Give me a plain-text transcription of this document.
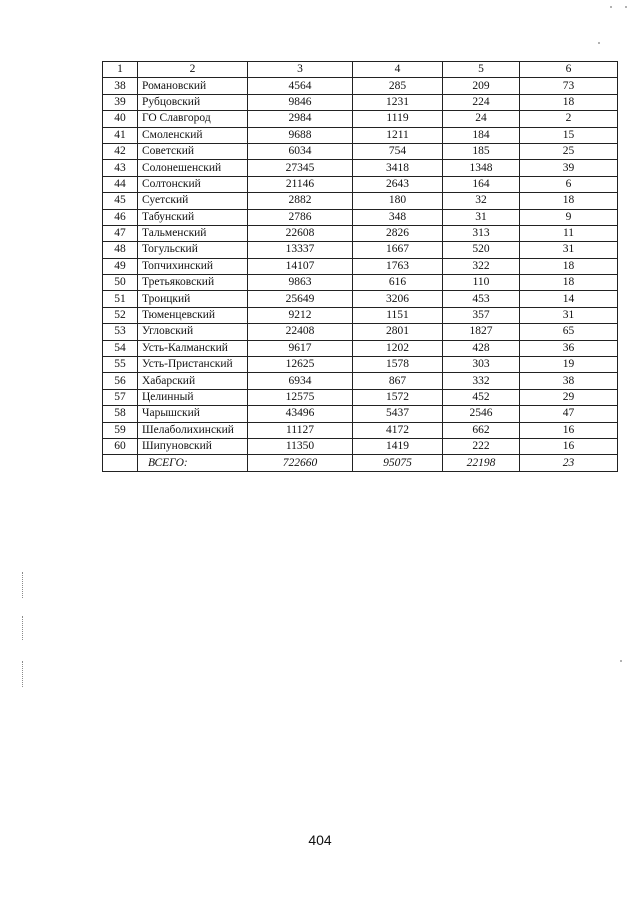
1	2	3	4	5	6
38	Романовский	4564	285	209	73
39	Рубцовский	9846	1231	224	18
40	ГО Славгород	2984	1119	24	2
41	Смоленский	9688	1211	184	15
42	Советский	6034	754	185	25
43	Солонешенский	27345	3418	1348	39
44	Солтонский	21146	2643	164	6
45	Суетский	2882	180	32	18
46	Табунский	2786	348	31	9
47	Тальменский	22608	2826	313	11
48	Тогульский	13337	1667	520	31
49	Топчихинский	14107	1763	322	18
50	Третьяковский	9863	616	110	18
51	Троицкий	25649	3206	453	14
52	Тюменцевский	9212	1151	357	31
53	Угловский	22408	2801	1827	65
54	Усть-Калманский	9617	1202	428	36
55	Усть-Пристанский	12625	1578	303	19
56	Хабарский	6934	867	332	38
57	Целинный	12575	1572	452	29
58	Чарышский	43496	5437	2546	47
59	Шелаболихинский	11127	4172	662	16
60	Шипуновский	11350	1419	222	16
	ВСЕГО:	722660	95075	22198	23
404
